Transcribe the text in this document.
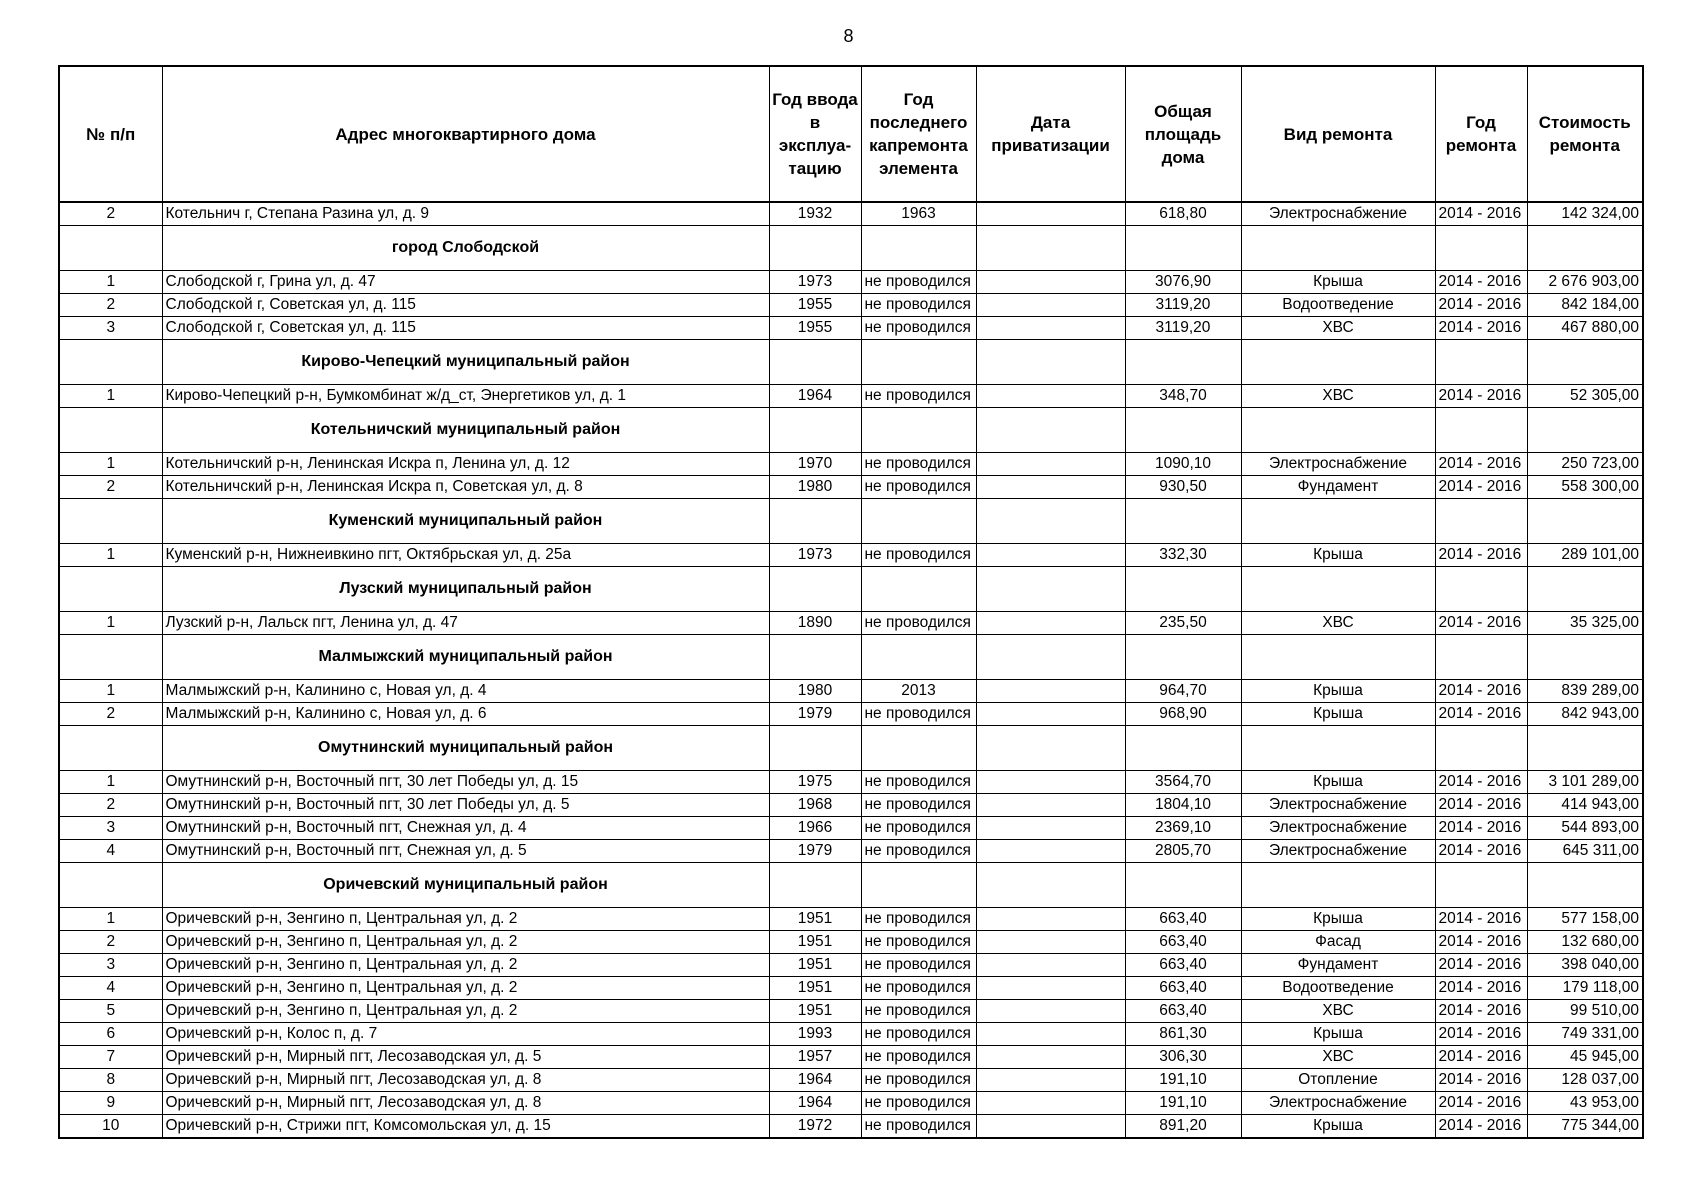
8
№ п/п	Адрес многоквартирного дома	Год ввода в эксплуа- тацию	Год последнего капремонта элемента	Дата приватизации	Общая площадь дома	Вид ремонта	Год ремонта	Стоимость ремонта
2	Котельнич г, Степана Разина ул, д. 9	1932	1963		618,80	Электроснабжение	2014 - 2016	142 324,00
	город Слободской							
1	Слободской г, Грина ул, д. 47	1973	не проводился		3076,90	Крыша	2014 - 2016	2 676 903,00
2	Слободской г, Советская ул, д. 115	1955	не проводился		3119,20	Водоотведение	2014 - 2016	842 184,00
3	Слободской г, Советская ул, д. 115	1955	не проводился		3119,20	ХВС	2014 - 2016	467 880,00
	Кирово-Чепецкий муниципальный район							
1	Кирово-Чепецкий р-н, Бумкомбинат ж/д_ст, Энергетиков ул, д. 1	1964	не проводился		348,70	ХВС	2014 - 2016	52 305,00
	Котельничский муниципальный район							
1	Котельничский р-н, Ленинская Искра п, Ленина ул, д. 12	1970	не проводился		1090,10	Электроснабжение	2014 - 2016	250 723,00
2	Котельничский р-н, Ленинская Искра п, Советская ул, д. 8	1980	не проводился		930,50	Фундамент	2014 - 2016	558 300,00
	Куменский муниципальный район							
1	Куменский р-н, Нижнеивкино пгт, Октябрьская ул, д. 25а	1973	не проводился		332,30	Крыша	2014 - 2016	289 101,00
	Лузский муниципальный район							
1	Лузский р-н, Лальск пгт, Ленина ул, д. 47	1890	не проводился		235,50	ХВС	2014 - 2016	35 325,00
	Малмыжский муниципальный район							
1	Малмыжский р-н, Калинино с, Новая ул, д. 4	1980	2013		964,70	Крыша	2014 - 2016	839 289,00
2	Малмыжский р-н, Калинино с, Новая ул, д. 6	1979	не проводился		968,90	Крыша	2014 - 2016	842 943,00
	Омутнинский муниципальный район							
1	Омутнинский р-н, Восточный пгт, 30 лет Победы ул, д. 15	1975	не проводился		3564,70	Крыша	2014 - 2016	3 101 289,00
2	Омутнинский р-н, Восточный пгт, 30 лет Победы ул, д. 5	1968	не проводился		1804,10	Электроснабжение	2014 - 2016	414 943,00
3	Омутнинский р-н, Восточный пгт, Снежная ул, д. 4	1966	не проводился		2369,10	Электроснабжение	2014 - 2016	544 893,00
4	Омутнинский р-н, Восточный пгт, Снежная ул, д. 5	1979	не проводился		2805,70	Электроснабжение	2014 - 2016	645 311,00
	Оричевский муниципальный район							
1	Оричевский р-н, Зенгино п, Центральная ул, д. 2	1951	не проводился		663,40	Крыша	2014 - 2016	577 158,00
2	Оричевский р-н, Зенгино п, Центральная ул, д. 2	1951	не проводился		663,40	Фасад	2014 - 2016	132 680,00
3	Оричевский р-н, Зенгино п, Центральная ул, д. 2	1951	не проводился		663,40	Фундамент	2014 - 2016	398 040,00
4	Оричевский р-н, Зенгино п, Центральная ул, д. 2	1951	не проводился		663,40	Водоотведение	2014 - 2016	179 118,00
5	Оричевский р-н, Зенгино п, Центральная ул, д. 2	1951	не проводился		663,40	ХВС	2014 - 2016	99 510,00
6	Оричевский р-н, Колос п, д. 7	1993	не проводился		861,30	Крыша	2014 - 2016	749 331,00
7	Оричевский р-н, Мирный пгт, Лесозаводская ул, д. 5	1957	не проводился		306,30	ХВС	2014 - 2016	45 945,00
8	Оричевский р-н, Мирный пгт, Лесозаводская ул, д. 8	1964	не проводился		191,10	Отопление	2014 - 2016	128 037,00
9	Оричевский р-н, Мирный пгт, Лесозаводская ул, д. 8	1964	не проводился		191,10	Электроснабжение	2014 - 2016	43 953,00
10	Оричевский р-н, Стрижи пгт, Комсомольская ул, д. 15	1972	не проводился		891,20	Крыша	2014 - 2016	775 344,00
